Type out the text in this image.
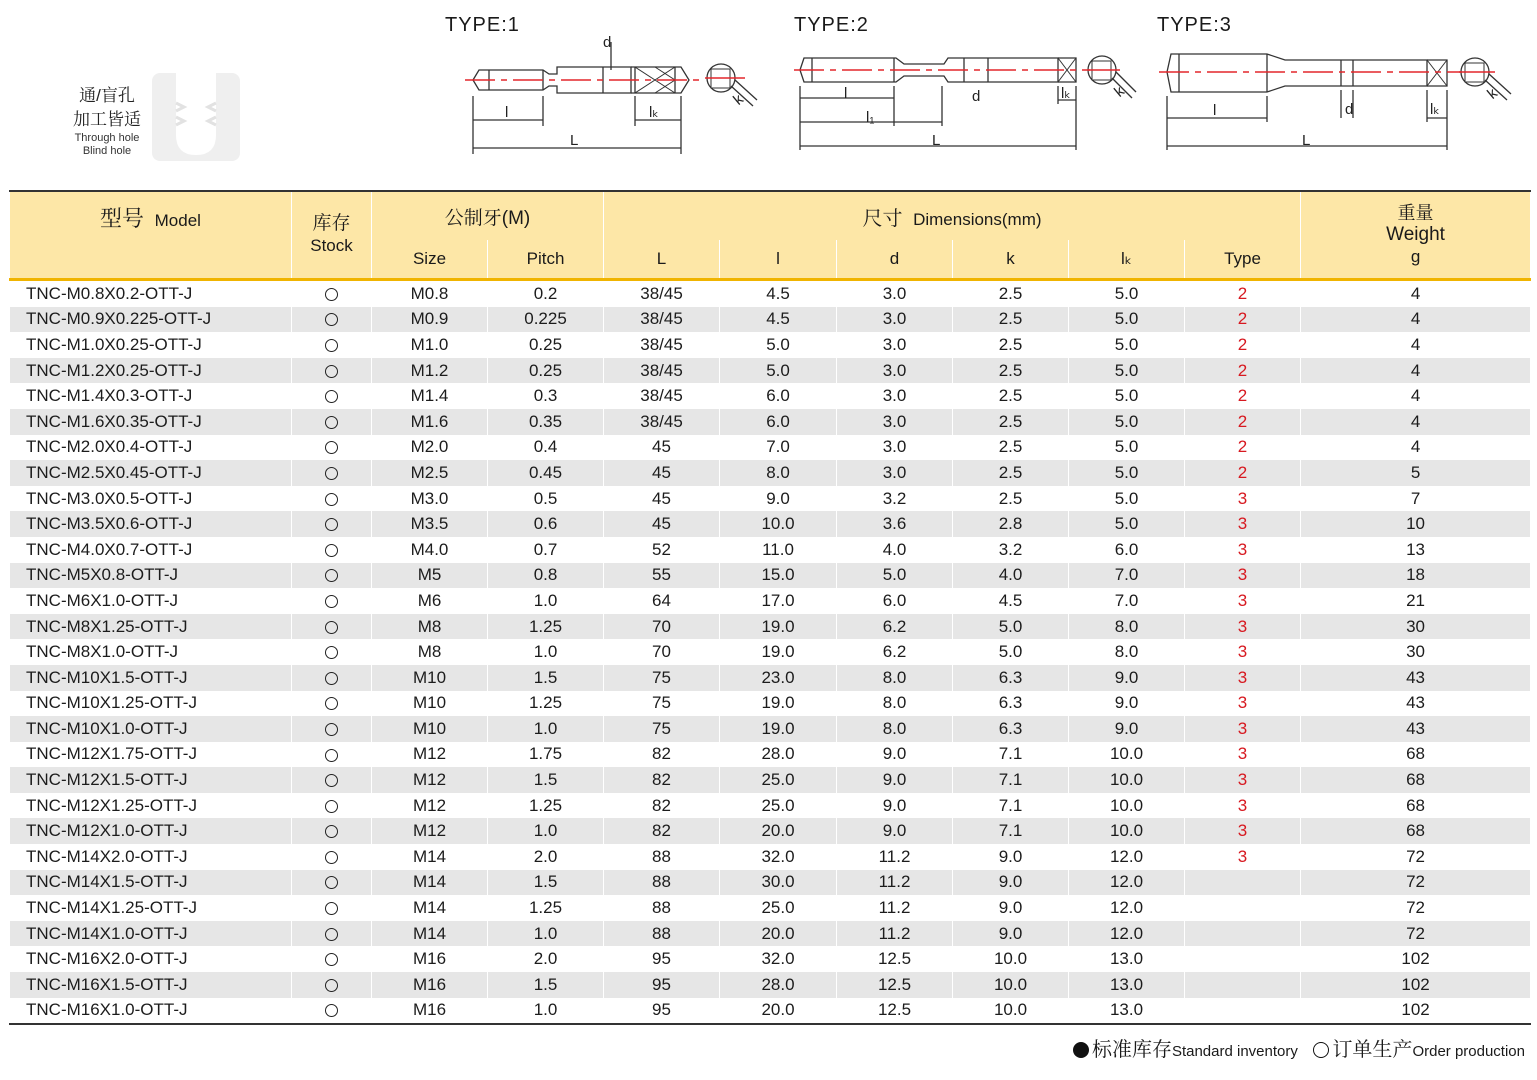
通/盲孔
加工皆适
Through hole
Blind hole
TYPE:1
d
l	lₖ
L
k
TYPE:2
d
l
l₁
lₖ
L
k
TYPE:3
d
l	lₖ
L
k
型号 Model	库存
Stock	公制牙(M)		尺寸 Dimensions(mm)						重量
Weight
g

		Size	Pitch	L	l	d	k	lₖ	Type	
TNC-M0.8X0.2-OTT-J		M0.8	0.2	38/45	4.5	3.0	2.5	5.0	2	4
TNC-M0.9X0.225-OTT-J		M0.9	0.225	38/45	4.5	3.0	2.5	5.0	2	4
TNC-M1.0X0.25-OTT-J		M1.0	0.25	38/45	5.0	3.0	2.5	5.0	2	4
TNC-M1.2X0.25-OTT-J		M1.2	0.25	38/45	5.0	3.0	2.5	5.0	2	4
TNC-M1.4X0.3-OTT-J		M1.4	0.3	38/45	6.0	3.0	2.5	5.0	2	4
TNC-M1.6X0.35-OTT-J		M1.6	0.35	38/45	6.0	3.0	2.5	5.0	2	4
TNC-M2.0X0.4-OTT-J		M2.0	0.4	45	7.0	3.0	2.5	5.0	2	4
TNC-M2.5X0.45-OTT-J		M2.5	0.45	45	8.0	3.0	2.5	5.0	2	5
TNC-M3.0X0.5-OTT-J		M3.0	0.5	45	9.0	3.2	2.5	5.0	3	7
TNC-M3.5X0.6-OTT-J		M3.5	0.6	45	10.0	3.6	2.8	5.0	3	10
TNC-M4.0X0.7-OTT-J		M4.0	0.7	52	11.0	4.0	3.2	6.0	3	13
TNC-M5X0.8-OTT-J		M5	0.8	55	15.0	5.0	4.0	7.0	3	18
TNC-M6X1.0-OTT-J		M6	1.0	64	17.0	6.0	4.5	7.0	3	21
TNC-M8X1.25-OTT-J		M8	1.25	70	19.0	6.2	5.0	8.0	3	30
TNC-M8X1.0-OTT-J		M8	1.0	70	19.0	6.2	5.0	8.0	3	30
TNC-M10X1.5-OTT-J		M10	1.5	75	23.0	8.0	6.3	9.0	3	43
TNC-M10X1.25-OTT-J		M10	1.25	75	19.0	8.0	6.3	9.0	3	43
TNC-M10X1.0-OTT-J		M10	1.0	75	19.0	8.0	6.3	9.0	3	43
TNC-M12X1.75-OTT-J		M12	1.75	82	28.0	9.0	7.1	10.0	3	68
TNC-M12X1.5-OTT-J		M12	1.5	82	25.0	9.0	7.1	10.0	3	68
TNC-M12X1.25-OTT-J		M12	1.25	82	25.0	9.0	7.1	10.0	3	68
TNC-M12X1.0-OTT-J		M12	1.0	82	20.0	9.0	7.1	10.0	3	68
TNC-M14X2.0-OTT-J		M14	2.0	88	32.0	11.2	9.0	12.0	3	72
TNC-M14X1.5-OTT-J		M14	1.5	88	30.0	11.2	9.0	12.0		72
TNC-M14X1.25-OTT-J		M14	1.25	88	25.0	11.2	9.0	12.0		72
TNC-M14X1.0-OTT-J		M14	1.0	88	20.0	11.2	9.0	12.0		72
TNC-M16X2.0-OTT-J		M16	2.0	95	32.0	12.5	10.0	13.0		102
TNC-M16X1.5-OTT-J		M16	1.5	95	28.0	12.5	10.0	13.0		102
TNC-M16X1.0-OTT-J		M16	1.0	95	20.0	12.5	10.0	13.0		102
标准库存Standard inventory 订单生产Order production
